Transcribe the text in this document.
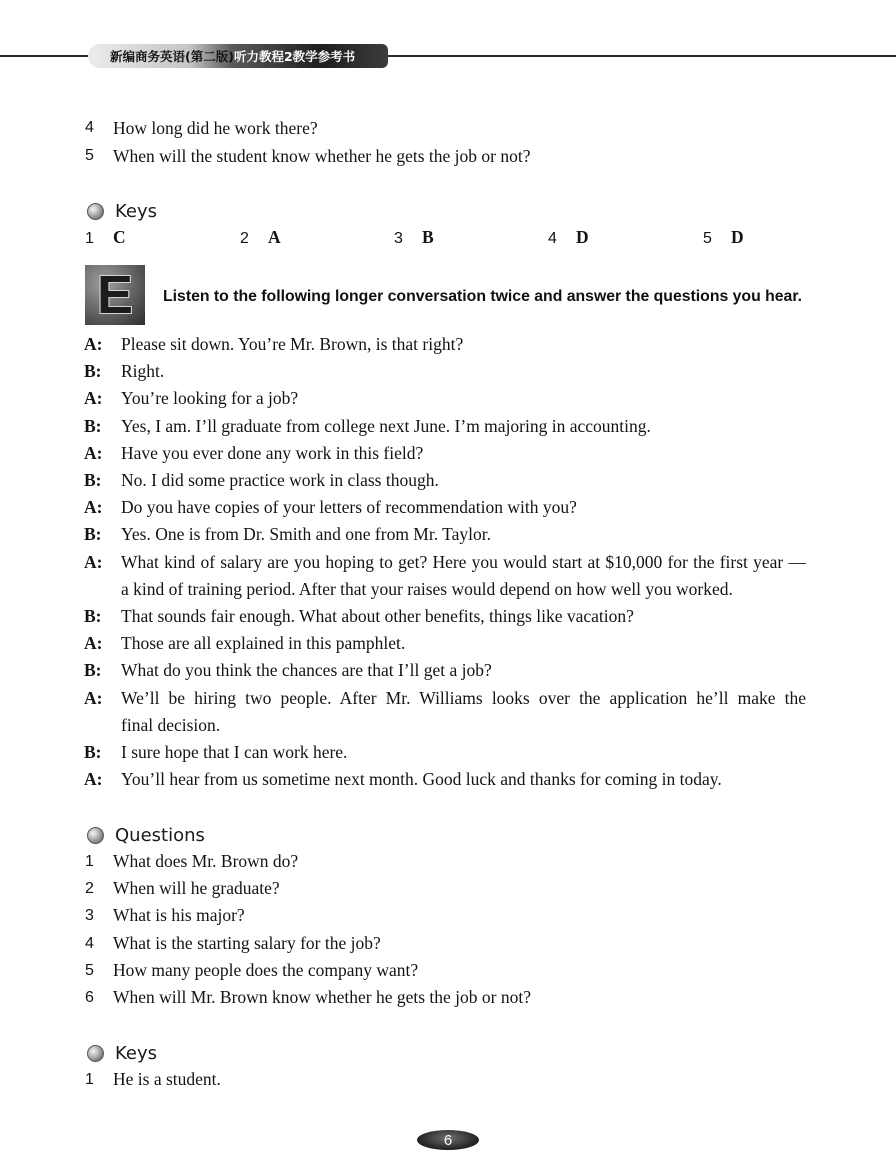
新编商务英语(第二版) 听力教程2教学参考书
4	How long did he work there?
5	When will the student know whether he gets the job or not?
Keys
1 C	2 A	3 B	4 D	5 D
E Listen to the following longer conversation twice and answer the questions you hear.
A: Please sit down. You’re Mr. Brown, is that right?
B: Right.
A: You’re looking for a job?
B: Yes, I am. I’ll graduate from college next June. I’m majoring in accounting.
A: Have you ever done any work in this field?
B: No. I did some practice work in class though.
A: Do you have copies of your letters of recommendation with you?
B: Yes. One is from Dr. Smith and one from Mr. Taylor.
A: What kind of salary are you hoping to get? Here you would start at $10,000 for the first year —
a kind of training period. After that your raises would depend on how well you worked.
B: That sounds fair enough. What about other benefits, things like vacation?
A: Those are all explained in this pamphlet.
B: What do you think the chances are that I’ll get a job?
A: We’ll be hiring two people. After Mr. Williams looks over the application he’ll make the
final decision.
B: I sure hope that I can work here.
A: You’ll hear from us sometime next month. Good luck and thanks for coming in today.
Questions
1	What does Mr. Brown do?
2	When will he graduate?
3	What is his major?
4	What is the starting salary for the job?
5	How many people does the company want?
6	When will Mr. Brown know whether he gets the job or not?
Keys
1	He is a student.
6
